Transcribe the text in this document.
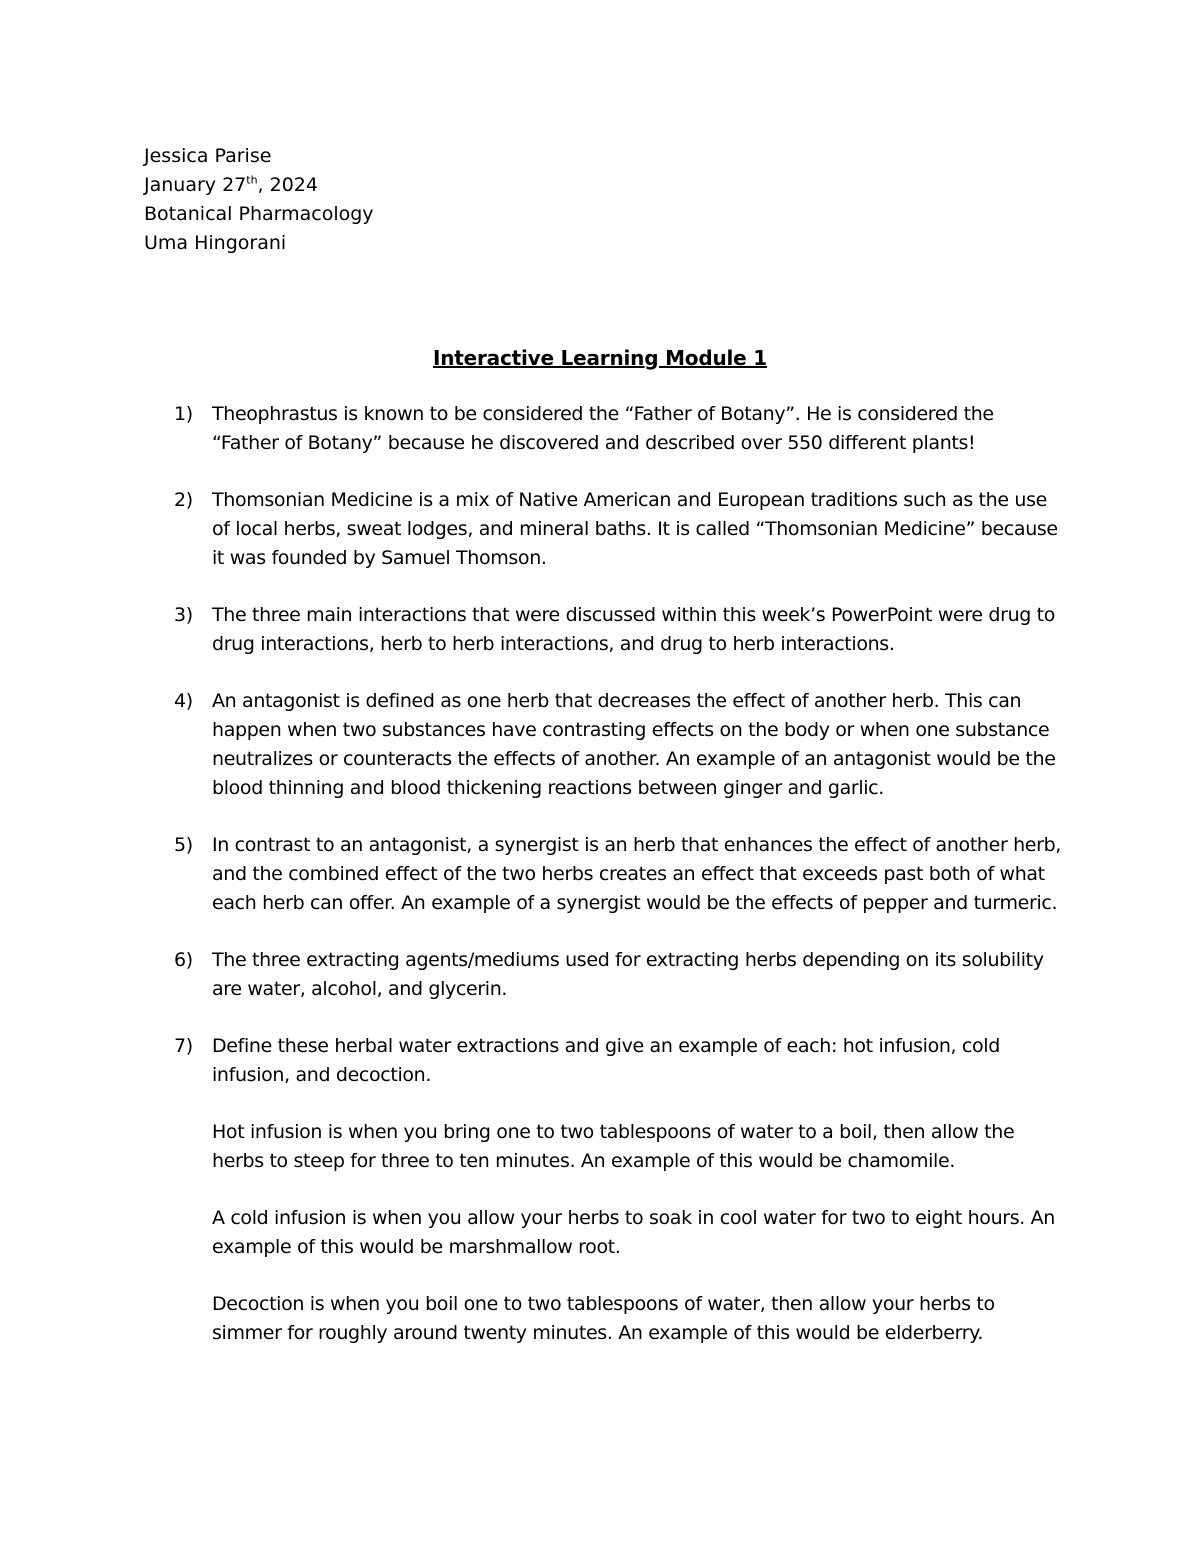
Jessica Parise
January 27th, 2024
Botanical Pharmacology
Uma Hingorani
Interactive Learning Module 1
1) Theophrastus is known to be considered the “Father of Botany”. He is considered the “Father of Botany” because he discovered and described over 550 different plants!
2) Thomsonian Medicine is a mix of Native American and European traditions such as the use of local herbs, sweat lodges, and mineral baths. It is called “Thomsonian Medicine” because it was founded by Samuel Thomson.
3) The three main interactions that were discussed within this week’s PowerPoint were drug to drug interactions, herb to herb interactions, and drug to herb interactions.
4) An antagonist is defined as one herb that decreases the effect of another herb. This can happen when two substances have contrasting effects on the body or when one substance neutralizes or counteracts the effects of another. An example of an antagonist would be the blood thinning and blood thickening reactions between ginger and garlic.
5) In contrast to an antagonist, a synergist is an herb that enhances the effect of another herb, and the combined effect of the two herbs creates an effect that exceeds past both of what each herb can offer. An example of a synergist would be the effects of pepper and turmeric.
6) The three extracting agents/mediums used for extracting herbs depending on its solubility are water, alcohol, and glycerin.
7) Define these herbal water extractions and give an example of each: hot infusion, cold infusion, and decoction.
Hot infusion is when you bring one to two tablespoons of water to a boil, then allow the herbs to steep for three to ten minutes. An example of this would be chamomile.
A cold infusion is when you allow your herbs to soak in cool water for two to eight hours. An example of this would be marshmallow root.
Decoction is when you boil one to two tablespoons of water, then allow your herbs to simmer for roughly around twenty minutes. An example of this would be elderberry.
